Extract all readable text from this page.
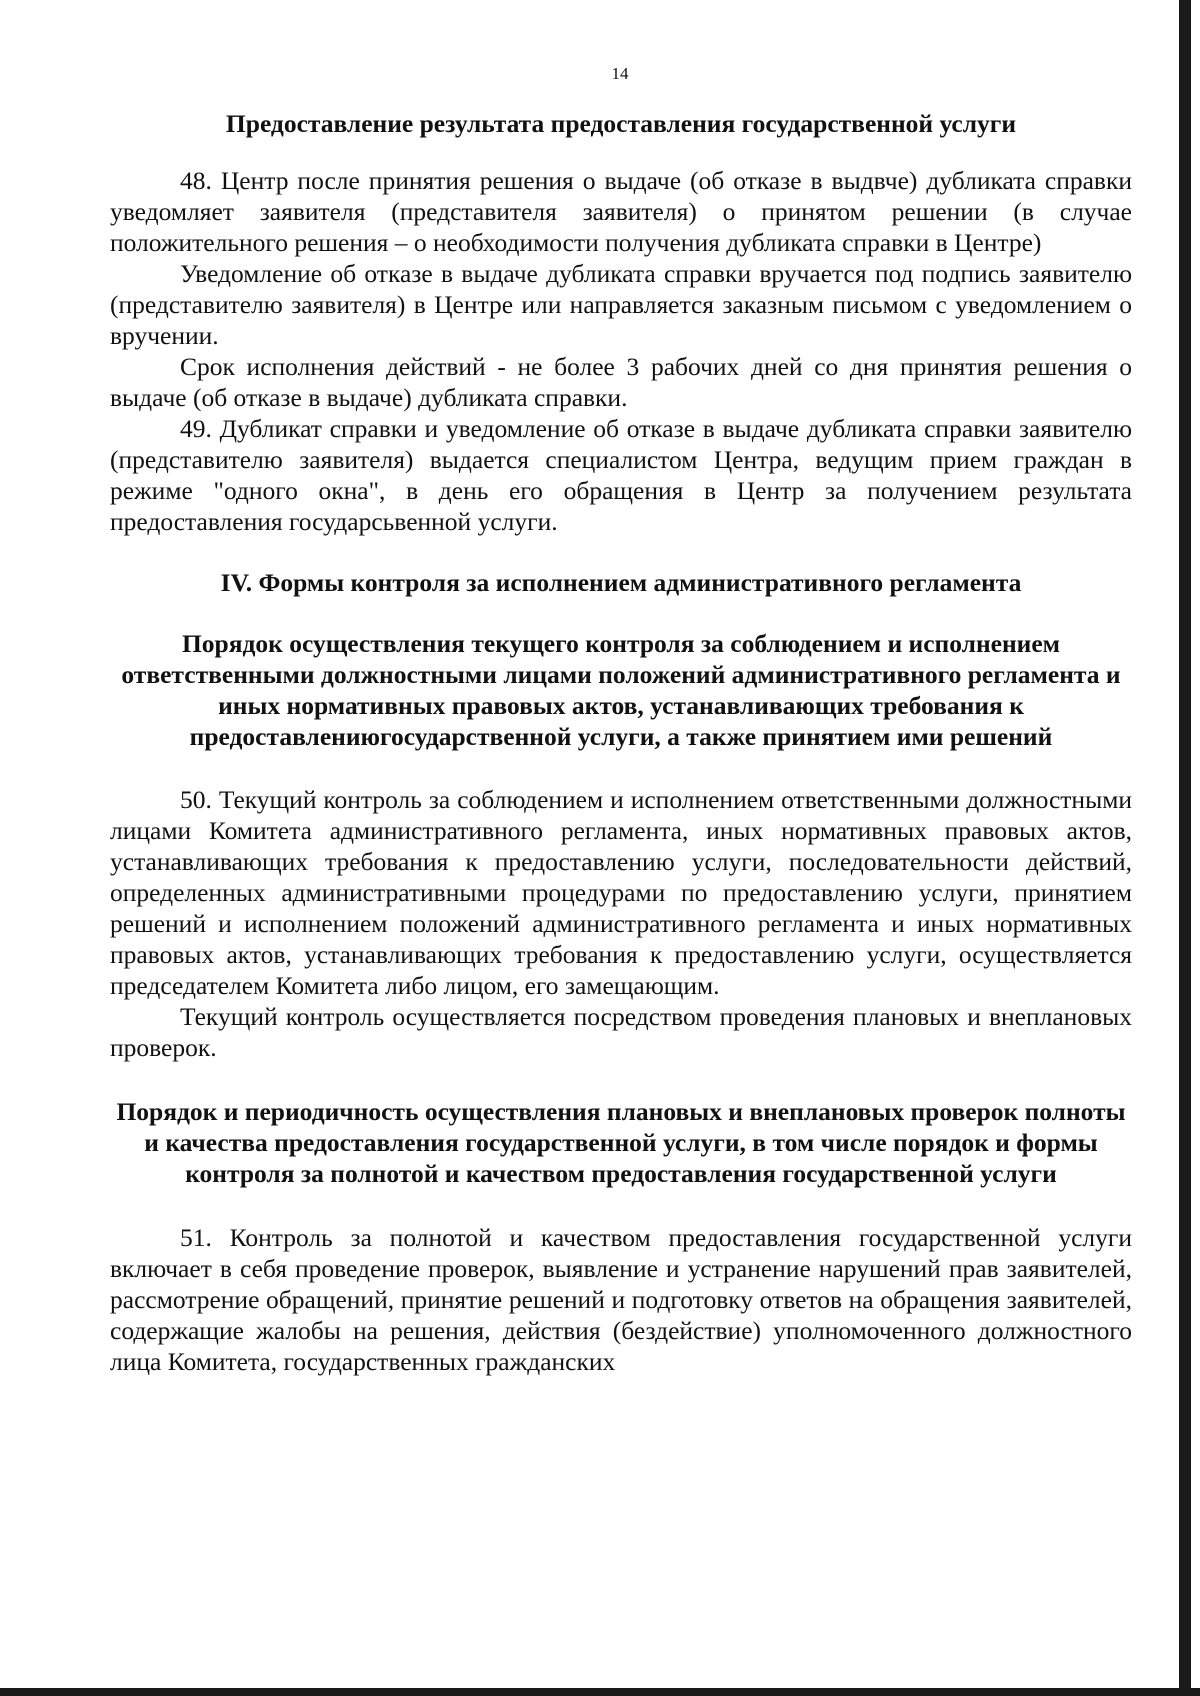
14

Предоставление результата предоставления государственной услуги

48. Центр после принятия решения о выдаче (об отказе в выдвче) дубликата справки уведомляет заявителя (представителя заявителя) о принятом решении (в случае положительного решения – о необходимости получения дубликата справки в Центре)

Уведомление об отказе в выдаче дубликата справки вручается под подпись заявителю (представителю заявителя) в Центре или направляется заказным письмом с уведомлением о вручении.

Срок исполнения действий - не более 3 рабочих дней со дня принятия решения о выдаче (об отказе в выдаче) дубликата справки.

49. Дубликат справки и уведомление об отказе в выдаче дубликата справки заявителю (представителю заявителя) выдается специалистом Центра, ведущим прием граждан в режиме "одного окна", в день его обращения в Центр за получением результата предоставления государсьвенной услуги.

IV. Формы контроля за исполнением административного регламента

Порядок осуществления текущего контроля за соблюдением и исполнением ответственными должностными лицами положений административного регламента и иных нормативных правовых актов, устанавливающих требования к предоставлениюгосударственной услуги, а также принятием ими решений

50. Текущий контроль за соблюдением и исполнением ответственными должностными лицами Комитета административного регламента, иных нормативных правовых актов, устанавливающих требования к предоставлению услуги, последовательности действий, определенных административными процедурами по предоставлению услуги, принятием решений и исполнением положений административного регламента и иных нормативных правовых актов, устанавливающих требования к предоставлению услуги, осуществляется председателем Комитета либо лицом, его замещающим.

Текущий контроль осуществляется посредством проведения плановых и внеплановых проверок.

Порядок и периодичность осуществления плановых и внеплановых проверок полноты и качества предоставления государственной услуги, в том числе порядок и формы контроля за полнотой и качеством предоставления государственной услуги

51. Контроль за полнотой и качеством предоставления государственной услуги включает в себя проведение проверок, выявление и устранение нарушений прав заявителей, рассмотрение обращений, принятие решений и подготовку ответов на обращения заявителей, содержащие жалобы на решения, действия (бездействие) уполномоченного должностного лица Комитета, государственных гражданских
